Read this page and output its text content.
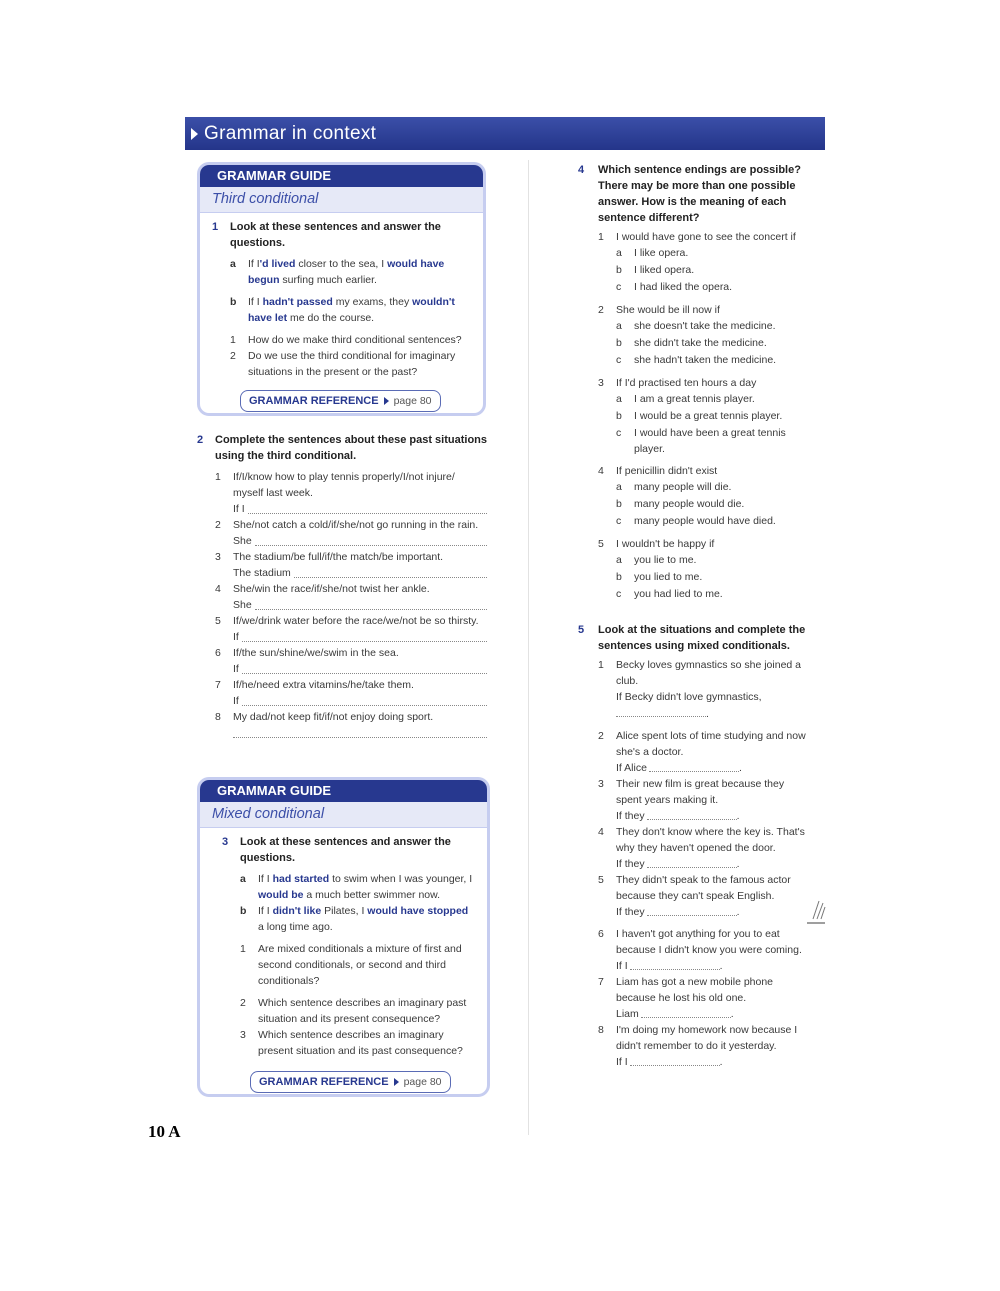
Grammar in context
GRAMMAR GUIDE
Third conditional
1	Look at these sentences and answer the questions.
a	If I'd lived closer to the sea, I would have begun surfing much earlier.
b	If I hadn't passed my exams, they wouldn't have let me do the course.
1	How do we make third conditional sentences?
2	Do we use the third conditional for imaginary situations in the present or the past?
GRAMMAR REFERENCE page 80
2	Complete the sentences about these past situations using the third conditional.
1	If/I/know how to play tennis properly/I/not injure/ myself last week.
If I
2	She/not catch a cold/if/she/not go running in the rain.
She
3	The stadium/be full/if/the match/be important.
The stadium
4	She/win the race/if/she/not twist her ankle.
She
5	If/we/drink water before the race/we/not be so thirsty.
If
6	If/the sun/shine/we/swim in the sea.
If
7	If/he/need extra vitamins/he/take them.
If
8	My dad/not keep fit/if/not enjoy doing sport.
GRAMMAR GUIDE
Mixed conditional
3	Look at these sentences and answer the questions.
a	If I had started to swim when I was younger, I would be a much better swimmer now.
b	If I didn't like Pilates, I would have stopped a long time ago.
1	Are mixed conditionals a mixture of first and second conditionals, or second and third conditionals?
2	Which sentence describes an imaginary past situation and its present consequence?
3	Which sentence describes an imaginary present situation and its past consequence?
GRAMMAR REFERENCE page 80
4	Which sentence endings are possible? There may be more than one possible answer. How is the meaning of each sentence different?
1	I would have gone to see the concert if
a	I like opera.
b	I liked opera.
c	I had liked the opera.
2	She would be ill now if
a	she doesn't take the medicine.
b	she didn't take the medicine.
c	she hadn't taken the medicine.
3	If I'd practised ten hours a day
a	I am a great tennis player.
b	I would be a great tennis player.
c	I would have been a great tennis player.
4	If penicillin didn't exist
a	many people will die.
b	many people would die.
c	many people would have died.
5	I wouldn't be happy if
a	you lie to me.
b	you lied to me.
c	you had lied to me.
5	Look at the situations and complete the sentences using mixed conditionals.
1	Becky loves gymnastics so she joined a club.
If Becky didn't love gymnastics,
.
2	Alice spent lots of time studying and now she's a doctor.
If Alice	.
3	Their new film is great because they spent years making it.
If they	.
4	They don't know where the key is. That's why they haven't opened the door.
If they	.
5	They didn't speak to the famous actor because they can't speak English.
If they	.
6	I haven't got anything for you to eat because I didn't know you were coming.
If I	.
7	Liam has got a new mobile phone because he lost his old one.
Liam	.
8	I'm doing my homework now because I didn't remember to do it yesterday.
If I	.
10 A
